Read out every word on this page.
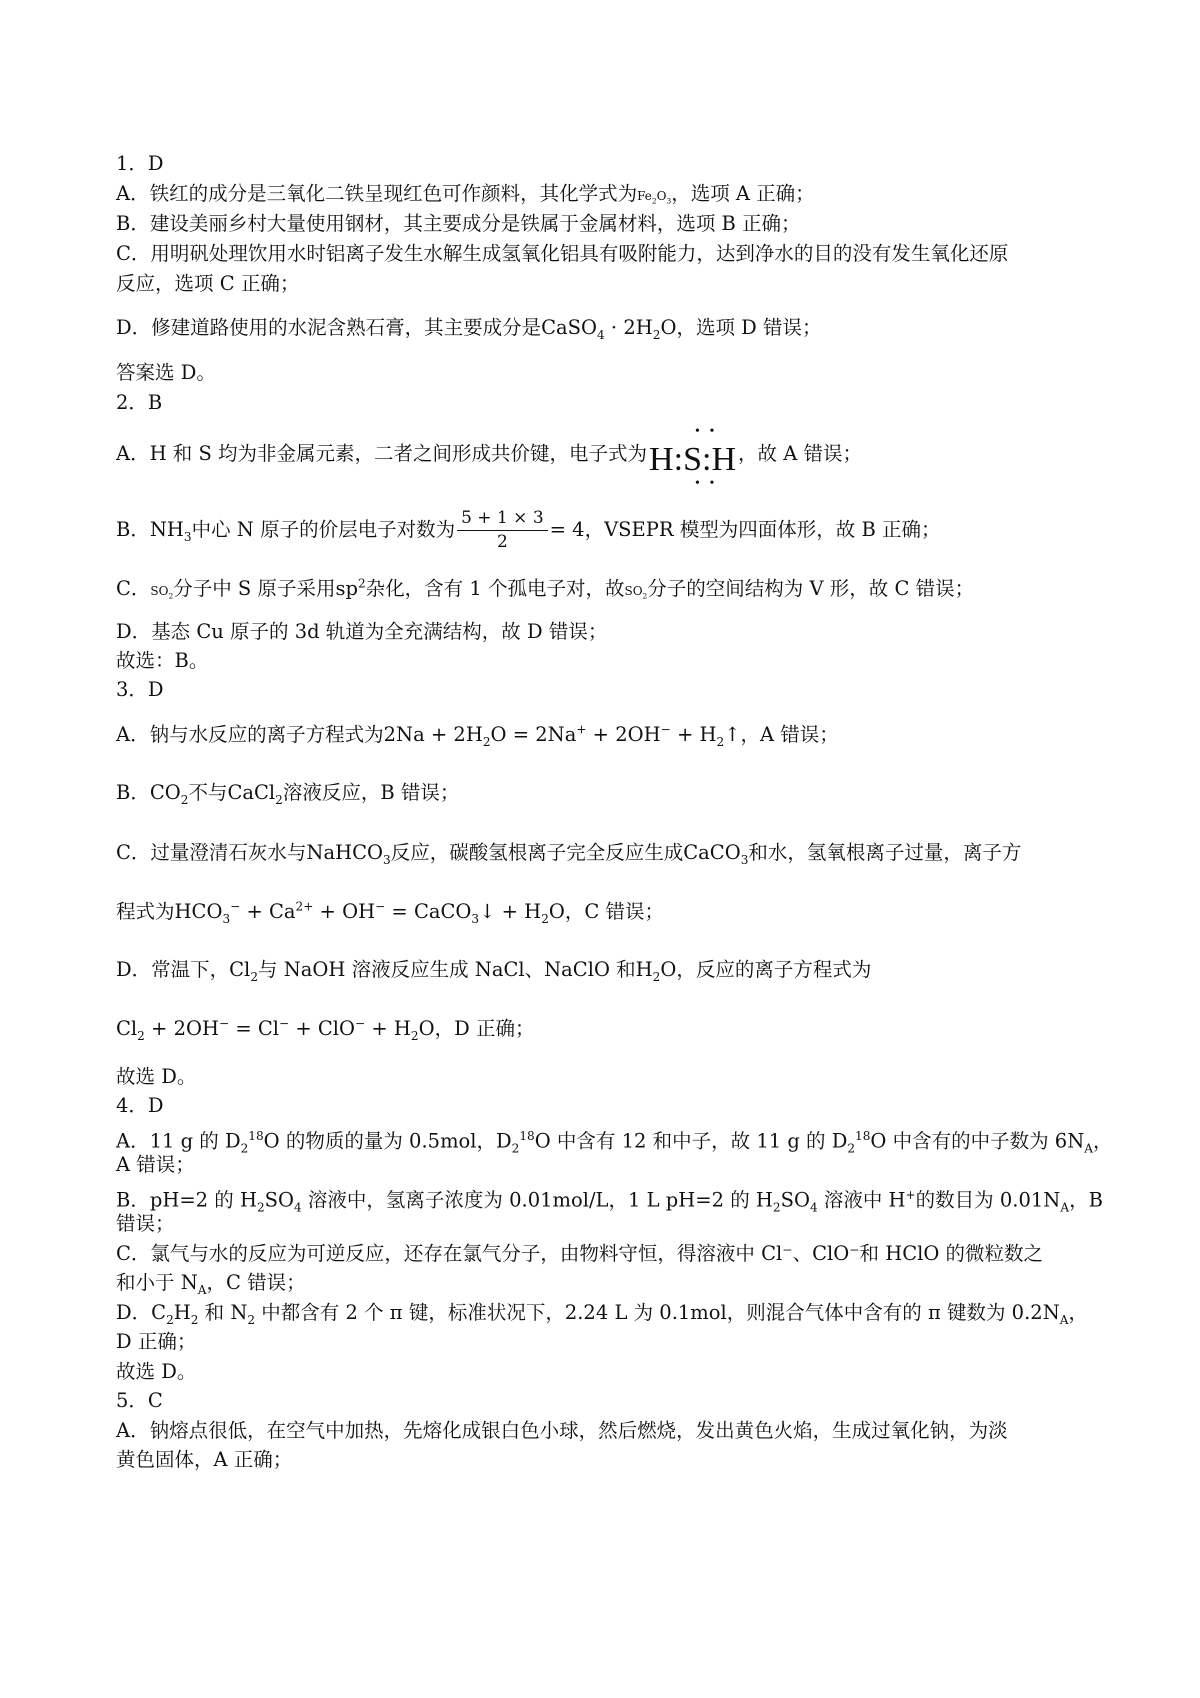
1．D
A．铁红的成分是三氧化二铁呈现红色可作颜料，其化学式为$Fe_2O_3$，选项 A 正确；
B．建设美丽乡村大量使用钢材，其主要成分是铁属于金属材料，选项 B 正确；
C．用明矾处理饮用水时铝离子发生水解生成氢氧化铝具有吸附能力，达到净水的目的没有发生氧化还原
反应，选项 C 正确；
D．修建道路使用的水泥含熟石膏，其主要成分是CaSO$_4$ · $2H_2O$，选项 D 错误；
答案选 D。
2．B
A．H 和 S 均为非金属元素，二者之间形成共价键，电子式为H:S:H
• •
• •
，故 A 错误；
B．$NH_3$中心 N 原子的价层电子对数为 $\frac{5 + 1 \times 3}{2} = 4$，VSEPR 模型为四面体形，故 B 正确；
C．$SO_2$分子中 S 原子采用$sp^2$杂化，含有 1 个孤电子对，故$SO_2$分子的空间结构为 V 形，故 C 错误；
D．基态 Cu 原子的 3d 轨道为全充满结构，故 D 错误；
故选：B。
3．D
A．钠与水反应的离子方程式为$2Na + 2H_2O = 2Na^+ + 2OH^-$ + $H_2↑$，A 错误；
B．$CO_2$不与CaCl$_2$溶液反应，B 错误；
C．过量澄清石灰水与NaHCO$_3$反应，碳酸氢根离子完全反应生成CaCO$_3$和水，氢氧根离子过量，离子方
程式为$HCO_3^- + Ca^{2+} + OH^-$ = CaCO$_3$↓ + $H_2O$，C 错误；
D．常温下，$Cl_2$与 NaOH 溶液反应生成 NaCl、NaClO 和$H_2O$，反应的离子方程式为
$Cl_2 + 2OH^- = Cl^- + ClO^- + H_2O$，D 正确；
故选 D。
4．D
A．11 g 的 $D_2^{18}O$ 的物质的量为 0.5mol，$D_2^{18}O$ 中含有 12 和中子，故 11 g 的 $D_2^{18}O$ 中含有的中子数为 $6N_A$，
A 错误；
B．pH=2 的 $H_2SO_4$ 溶液中，氢离子浓度为 0.01mol/L，1 L pH=2 的 $H_2SO_4$ 溶液中 H+的数目为 $0.01N_A$，B
错误；
C．氯气与水的反应为可逆反应，还存在氯气分子，由物料守恒，得溶液中 Cl⁻、ClO⁻和 HClO 的微粒数之
和小于 $N_A$，C 错误；
D．$C_2H_2$ 和 $N_2$ 中都含有 2 个 π 键，标准状况下，2.24 L 为 0.1mol，则混合气体中含有的 π 键数为 $0.2N_A$，
D 正确；
故选 D。
5．C
A．钠熔点很低，在空气中加热，先熔化成银白色小球，然后燃烧，发出黄色火焰，生成过氧化钠，为淡
黄色固体，A 正确；
